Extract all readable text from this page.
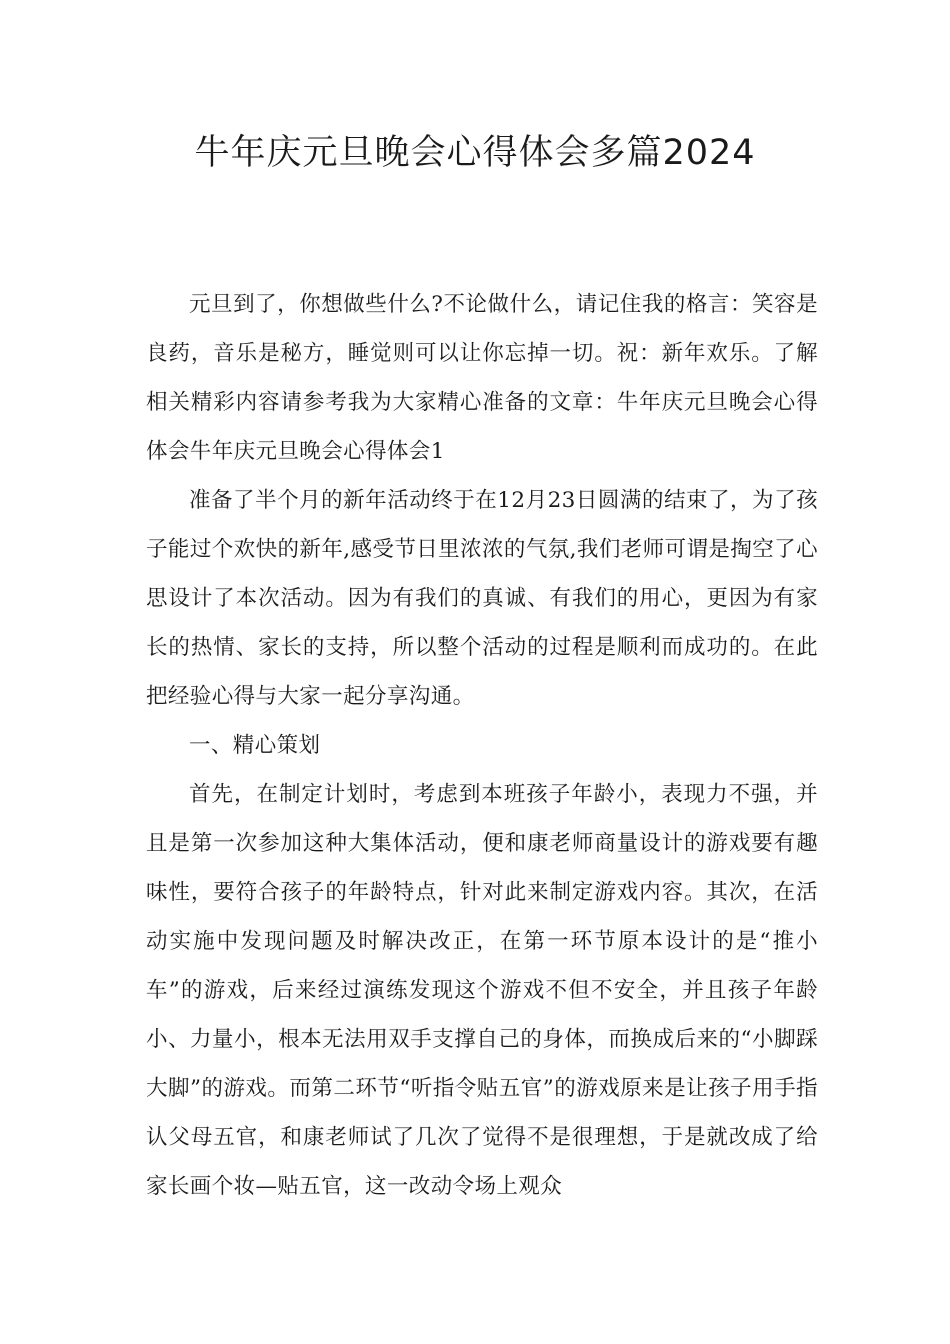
牛年庆元旦晚会心得体会多篇2024

元旦到了，你想做些什么?不论做什么，请记住我的格言：笑容是良药，音乐是秘方，睡觉则可以让你忘掉一切。祝：新年欢乐。了解相关精彩内容请参考我为大家精心准备的文章：牛年庆元旦晚会心得体会牛年庆元旦晚会心得体会1

准备了半个月的新年活动终于在12月23日圆满的结束了，为了孩子能过个欢快的新年,感受节日里浓浓的气氛,我们老师可谓是掏空了心思设计了本次活动。因为有我们的真诚、有我们的用心，更因为有家长的热情、家长的支持，所以整个活动的过程是顺利而成功的。在此把经验心得与大家一起分享沟通。

一、精心策划

首先，在制定计划时，考虑到本班孩子年龄小，表现力不强，并且是第一次参加这种大集体活动，便和康老师商量设计的游戏要有趣味性，要符合孩子的年龄特点，针对此来制定游戏内容。其次，在活动实施中发现问题及时解决改正，在第一环节原本设计的是“推小车”的游戏，后来经过演练发现这个游戏不但不安全，并且孩子年龄小、力量小，根本无法用双手支撑自己的身体，而换成后来的“小脚踩大脚”的游戏。而第二环节“听指令贴五官”的游戏原来是让孩子用手指认父母五官，和康老师试了几次了觉得不是很理想，于是就改成了给家长画个妆—贴五官，这一改动令场上观众
